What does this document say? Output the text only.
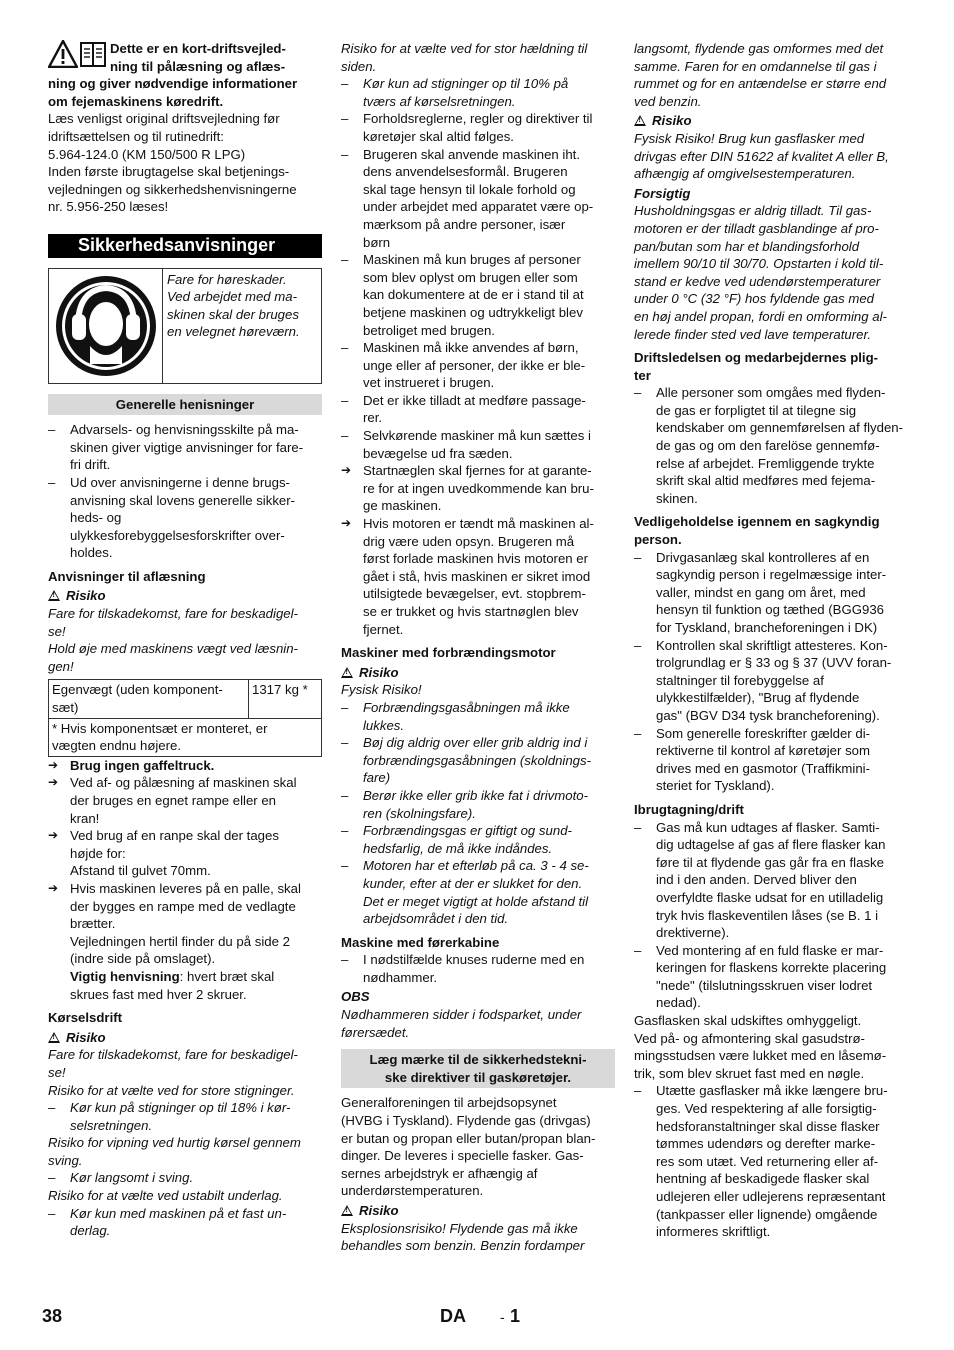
Dette er en kort-driftsvejled-
ning til pålæsning og aflæs-
ning og giver nødvendige informationer
om fejemaskinens køredrift.
Læs venligst original driftsvejledning før
idriftsættelsen og til rutinedrift:
5.964-124.0 (KM 150/500 R LPG)
Inden første ibrugtagelse skal betjenings-
vejledningen og sikkerhedshenvisningerne
nr. 5.956-250 læses!
Sikkerhedsanvisninger
Fare for høreskader.
Ved arbejdet med ma-
skinen skal der bruges
en velegnet høreværn.
Generelle henisninger
– Advarsels- og henvisningsskilte på ma-
skinen giver vigtige anvisninger for fare-
fri drift.
– Ud over anvisningerne i denne brugs-
anvisning skal lovens generelle sikker-
heds- og
ulykkesforebyggelsesforskrifter over-
holdes.
Anvisninger til aflæsning
!Risiko
Fare for tilskadekomst, fare for beskadigel-
se!
Hold øje med maskinens vægt ved læsnin-
gen!
Egenvægt (uden komponent-
sæt)
	1317 kg *

* Hvis komponentsæt er monteret, er
vægten endnu højere.
➔ Brug ingen gaffeltruck.
➔ Ved af- og pålæsning af maskinen skal
der bruges en egnet rampe eller en
kran!
➔ Ved brug af en ranpe skal der tages
højde for:
Afstand til gulvet 70mm.
➔ Hvis maskinen leveres på en palle, skal
der bygges en rampe med de vedlagte
brætter.
Vejledningen hertil finder du på side 2
(indre side på omslaget).
Vigtig henvisning: hvert bræt skal
skrues fast med hver 2 skruer.
Kørselsdrift
!Risiko
Fare for tilskadekomst, fare for beskadigel-
se!
Risiko for at vælte ved for store stigninger.
– Kør kun på stigninger op til 18% i kør-
selsretningen.
Risiko for vipning ved hurtig kørsel gennem
sving.
– Kør langsomt i sving.
Risiko for at vælte ved ustabilt underlag.
– Kør kun med maskinen på et fast un-
derlag.
Risiko for at vælte ved for stor hældning til
siden.
– Kør kun ad stigninger op til 10% på
tværs af kørselsretningen.
– Forholdsreglerne, regler og direktiver til
køretøjer skal altid følges.
– Brugeren skal anvende maskinen iht.
dens anvendelsesformål. Brugeren
skal tage hensyn til lokale forhold og
under arbejdet med apparatet være op-
mærksom på andre personer, især
børn
– Maskinen må kun bruges af personer
som blev oplyst om brugen eller som
kan dokumentere at de er i stand til at
betjene maskinen og udtrykkeligt blev
betroliget med brugen.
– Maskinen må ikke anvendes af børn,
unge eller af personer, der ikke er ble-
vet instrueret i brugen.
– Det er ikke tilladt at medføre passage-
rer.
– Selvkørende maskiner må kun sættes i
bevægelse ud fra sæden.
➔ Startnæglen skal fjernes for at garante-
re for at ingen uvedkommende kan bru-
ge maskinen.
➔ Hvis motoren er tændt må maskinen al-
drig være uden opsyn. Brugeren må
først forlade maskinen hvis motoren er
gået i stå, hvis maskinen er sikret imod
utilsigtede bevægelser, evt. stopbrem-
se er trukket og hvis startnøglen blev
fjernet.
Maskiner med forbrændingsmotor
!Risiko
Fysisk Risiko!
– Forbrændingsgasåbningen må ikke
lukkes.
– Bøj dig aldrig over eller grib aldrig ind i
forbrændingsgasåbningen (skoldnings-
fare)
– Berør ikke eller grib ikke fat i drivmoto-
ren (skolningsfare).
– Forbrændingsgas er giftigt og sund-
hedsfarlig, de må ikke indåndes.
– Motoren har et efterløb på ca. 3 - 4 se-
kunder, efter at der er slukket for den.
Det er meget vigtigt at holde afstand til
arbejdsområdet i den tid.
Maskine med førerkabine
– I nødstilfælde knuses ruderne med en
nødhammer.
OBS
Nødhammeren sidder i fodsparket, under
førersædet.
Læg mærke til de sikkerhedstekni-
ske direktiver til gaskøretøjer.
Generalforeningen til arbejdsopsynet
(HVBG i Tyskland). Flydende gas (drivgas)
er butan og propan eller butan/propan blan-
dinger. De leveres i specielle fasker. Gas-
sernes arbejdstryk er afhængig af
underdørstemperaturen.
!Risiko
Eksplosionsrisiko! Flydende gas må ikke
behandles som benzin. Benzin fordamper
langsomt, flydende gas omformes med det
samme. Faren for en omdannelse til gas i
rummet og for en antændelse er større end
ved benzin.
!Risiko
Fysisk Risiko! Brug kun gasflasker med
drivgas efter DIN 51622 af kvalitet A eller B,
afhængig af omgivelsestemperaturen.
Forsigtig
Husholdningsgas er aldrig tilladt. Til gas-
motoren er der tilladt gasblandinge af pro-
pan/butan som har et blandingsforhold
imellem 90/10 til 30/70. Opstarten i kold til-
stand er kedve ved udendørstemperaturer
under 0 °C (32 °F) hos fyldende gas med
en høj andel propan, fordi en omforming al-
lerede finder sted ved lave temperaturer.
Driftsledelsen og medarbejdernes plig-
ter
– Alle personer som omgåes med flyden-
de gas er forpligtet til at tilegne sig
kendskaber om gennemførelsen af flyden-
de gas og om den farelöse gennemfø-
relse af arbejdet. Fremliggende trykte
skrift skal altid medføres med fejema-
skinen.
Vedligeholdelse igennem en sagkyndig
person.
– Drivgasanlæg skal kontrolleres af en
sagkyndig person i regelmæssige inter-
valler, mindst en gang om året, med
hensyn til funktion og tæthed (BGG936
for Tyskland, brancheforeningen i DK)
– Kontrollen skal skriftligt attesteres. Kon-
trolgrundlag er § 33 og § 37 (UVV foran-
staltninger til forebyggelse af
ulykkestilfælder), "Brug af flydende
gas" (BGV D34 tysk brancheforening).
– Som generelle foreskrifter gælder di-
rektiverne til kontrol af køretøjer som
drives med en gasmotor (Traffikmini-
steriet for Tyskland).
Ibrugtagning/drift
– Gas må kun udtages af flasker. Samti-
dig udtagelse af gas af flere flasker kan
føre til at flydende gas går fra en flaske
ind i den anden. Derved bliver den
overfyldte flaske udsat for en utilladelig
tryk hvis flaskeventilen låses (se B. 1 i
drektiverne).
– Ved montering af en fuld flaske er mar-
keringen for flaskens korrekte placering
"nede" (tilslutningsskruen viser lodret
nedad).
Gasflasken skal udskiftes omhyggeligt.
Ved på- og afmontering skal gasudstrø-
mingsstudsen være lukket med en låsemø-
trik, som blev skruet fast med en nøgle.
– Utætte gasflasker må ikke længere bru-
ges. Ved respektering af alle forsigtig-
hedsforanstaltninger skal disse flasker
tømmes udendørs og derefter marke-
res som utæt. Ved returnering eller af-
hentning af beskadigede flasker skal
udlejeren eller udlejerens repræsentant
(tankpasser eller lignende) omgående
informeres skriftligt.
38	DA - 1
